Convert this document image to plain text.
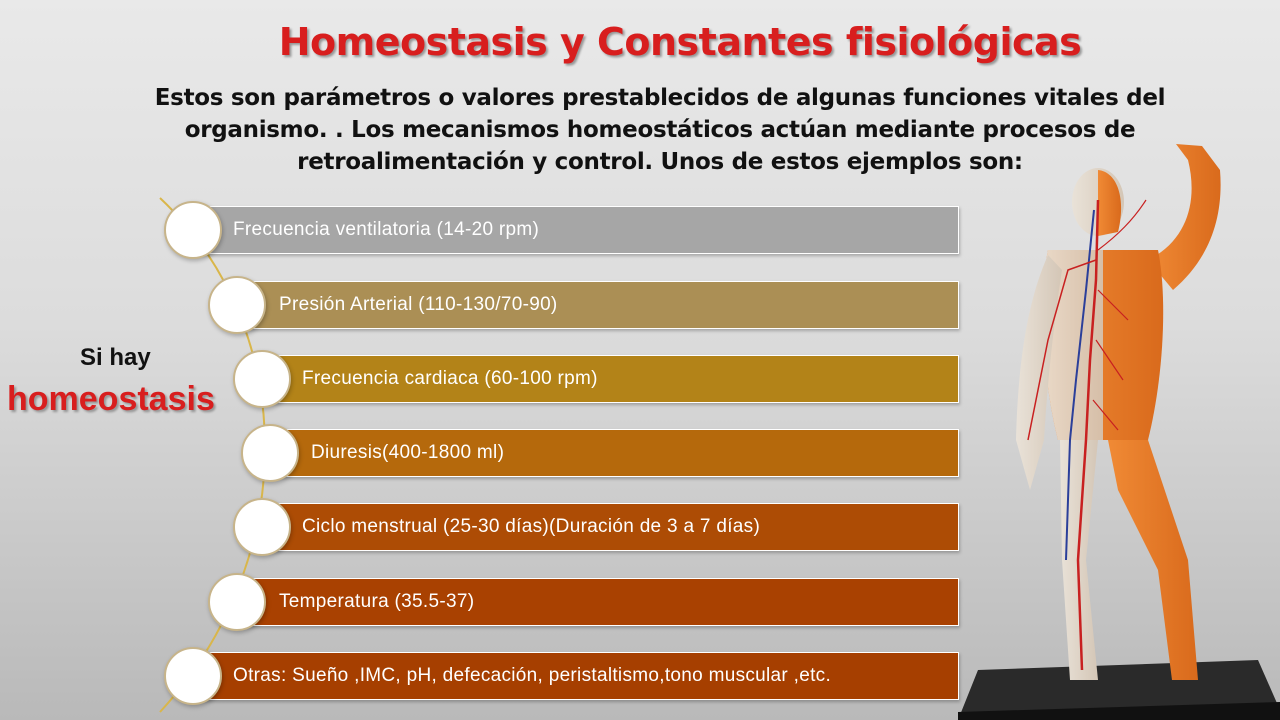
Homeostasis y Constantes fisiológicas
Estos son parámetros o valores prestablecidos de algunas funciones vitales del
organismo. . Los mecanismos homeostáticos actúan mediante procesos de
retroalimentación y control. Unos de estos ejemplos son:
Si hay
homeostasis
Frecuencia ventilatoria (14-20 rpm)
Presión Arterial (110-130/70-90)
Frecuencia cardiaca (60-100 rpm)
Diuresis(400-1800 ml)
Ciclo menstrual (25-30 días)(Duración de 3 a 7 días)
Temperatura (35.5-37)
Otras: Sueño ,IMC, pH, defecación, peristaltismo,tono muscular ,etc.
